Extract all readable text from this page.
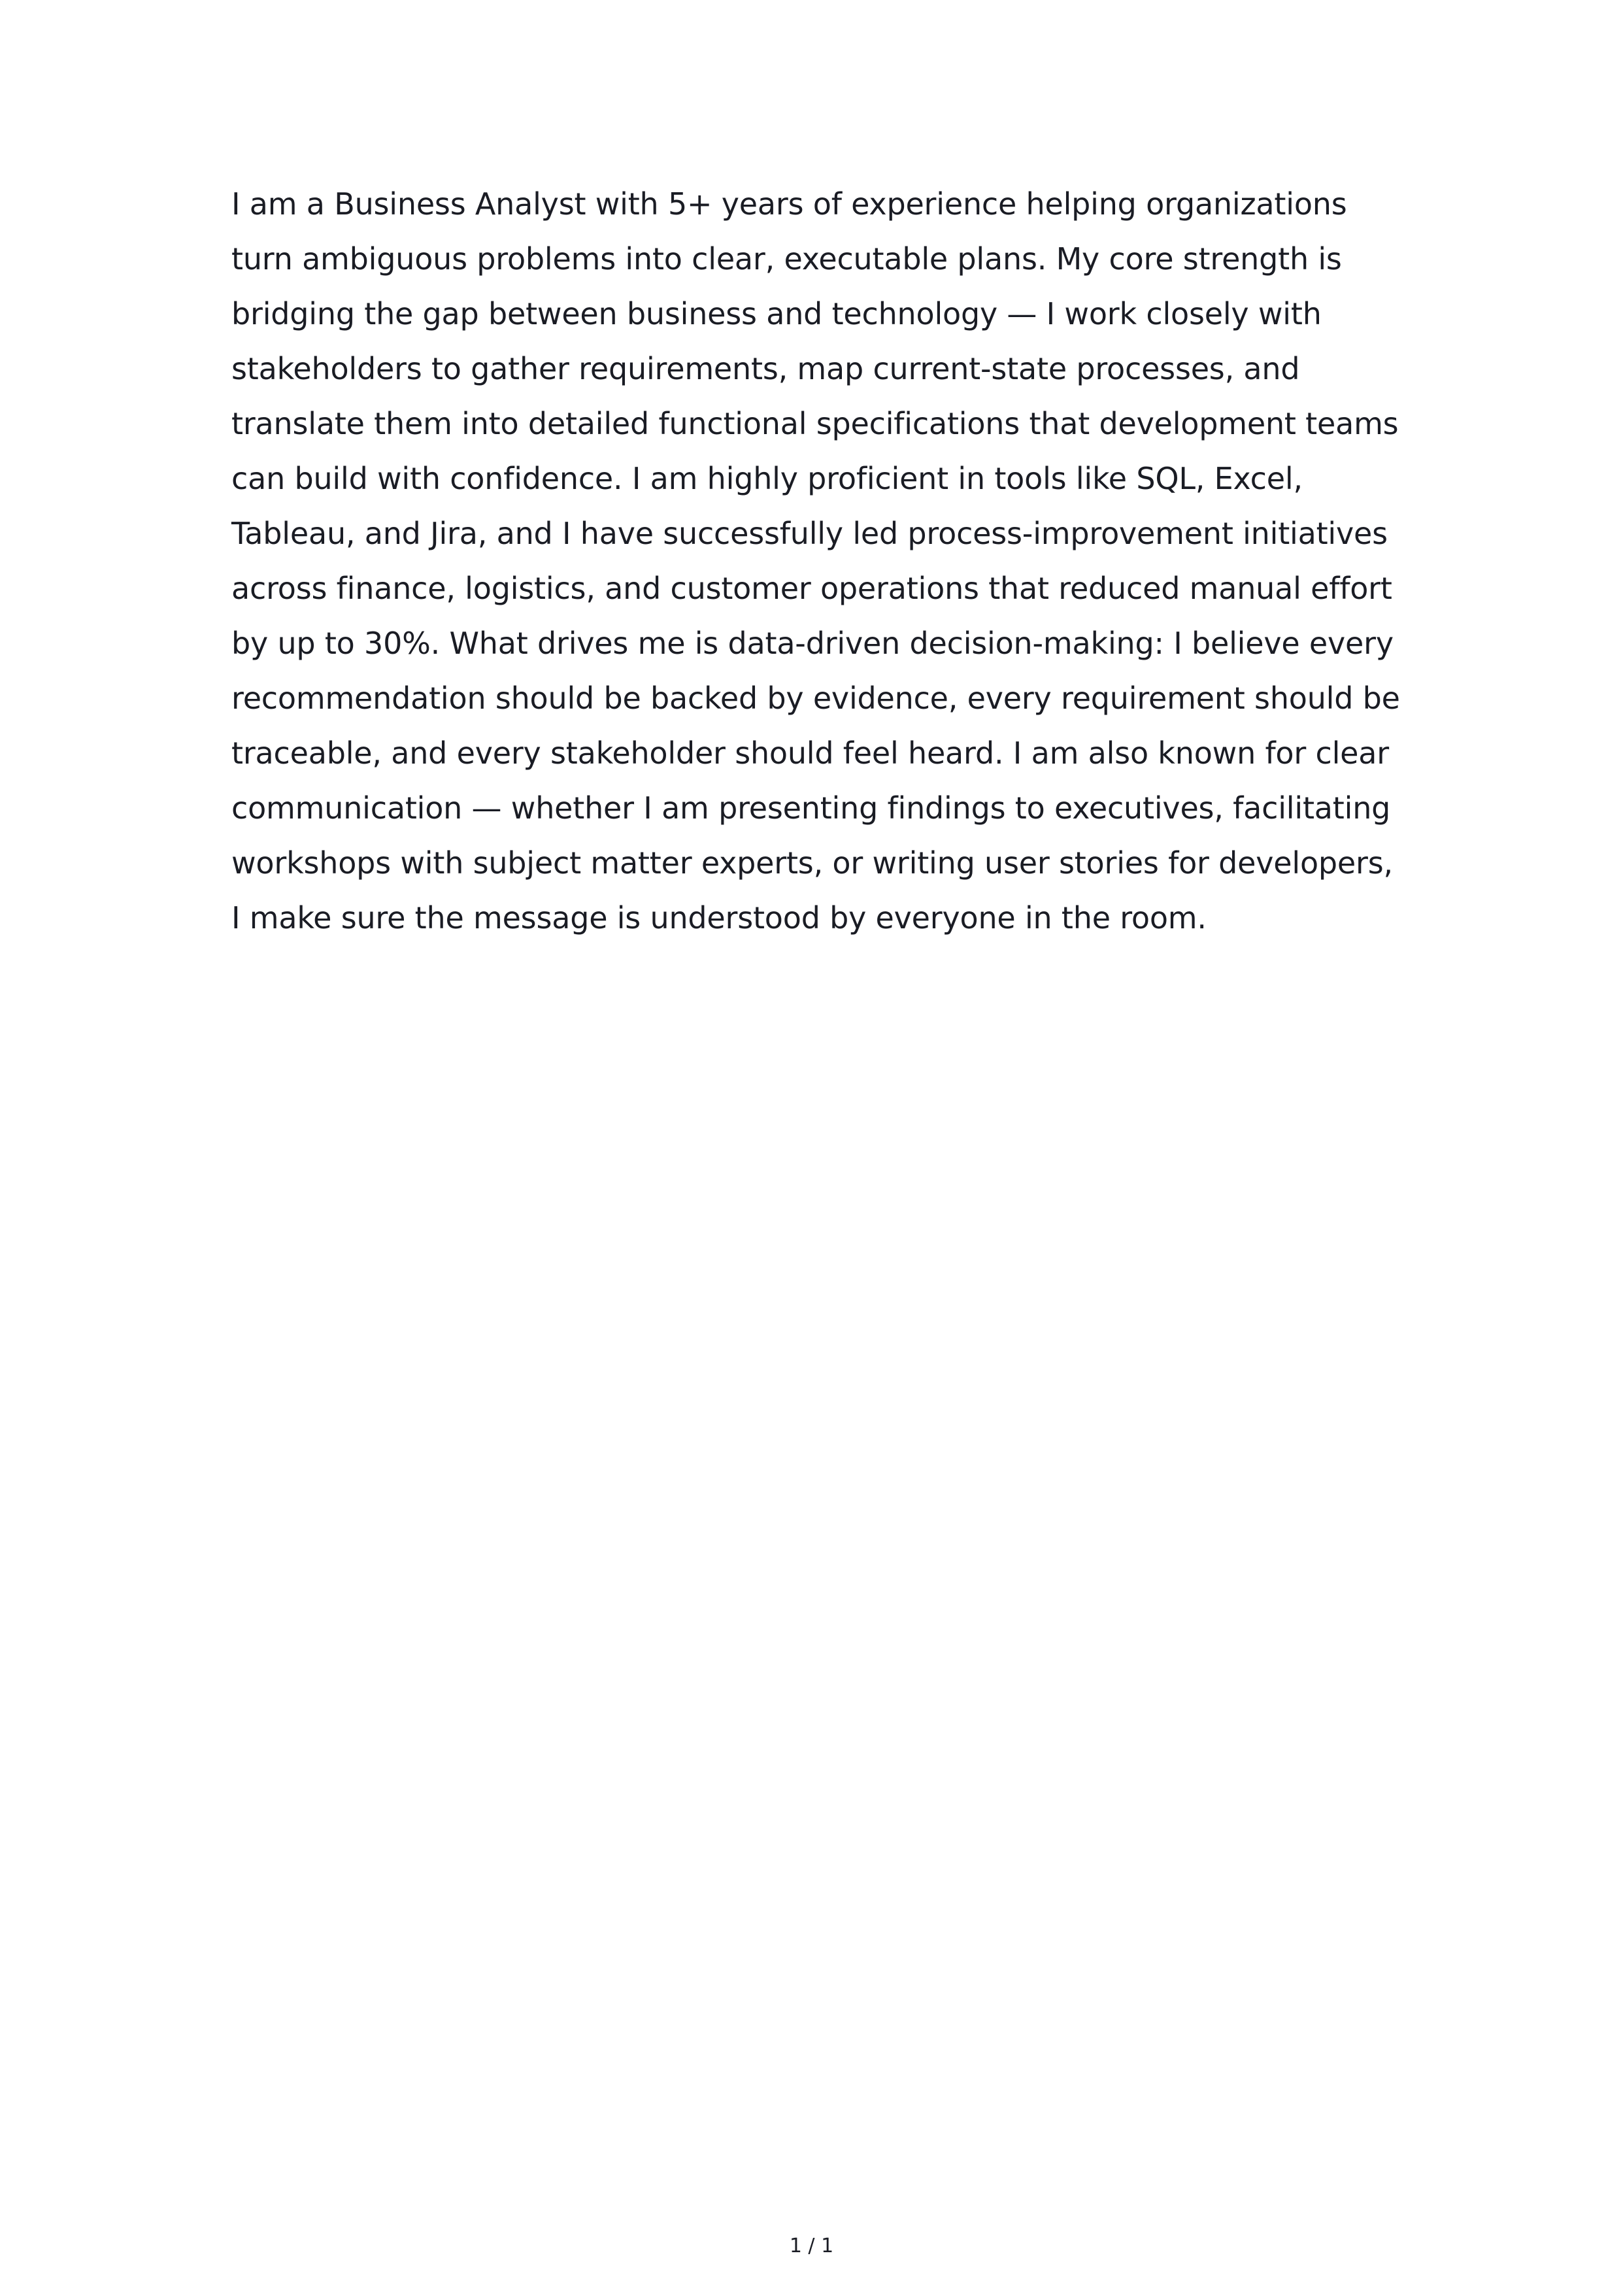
I am a Business Analyst with 5+ years of experience helping organizations
turn ambiguous problems into clear, executable plans. My core strength is
bridging the gap between business and technology — I work closely with
stakeholders to gather requirements, map current-state processes, and
translate them into detailed functional specifications that development teams
can build with confidence. I am highly proficient in tools like SQL, Excel,
Tableau, and Jira, and I have successfully led process-improvement initiatives
across finance, logistics, and customer operations that reduced manual effort
by up to 30%. What drives me is data-driven decision-making: I believe every
recommendation should be backed by evidence, every requirement should be
traceable, and every stakeholder should feel heard. I am also known for clear
communication — whether I am presenting findings to executives, facilitating
workshops with subject matter experts, or writing user stories for developers,
I make sure the message is understood by everyone in the room.
1 / 1
